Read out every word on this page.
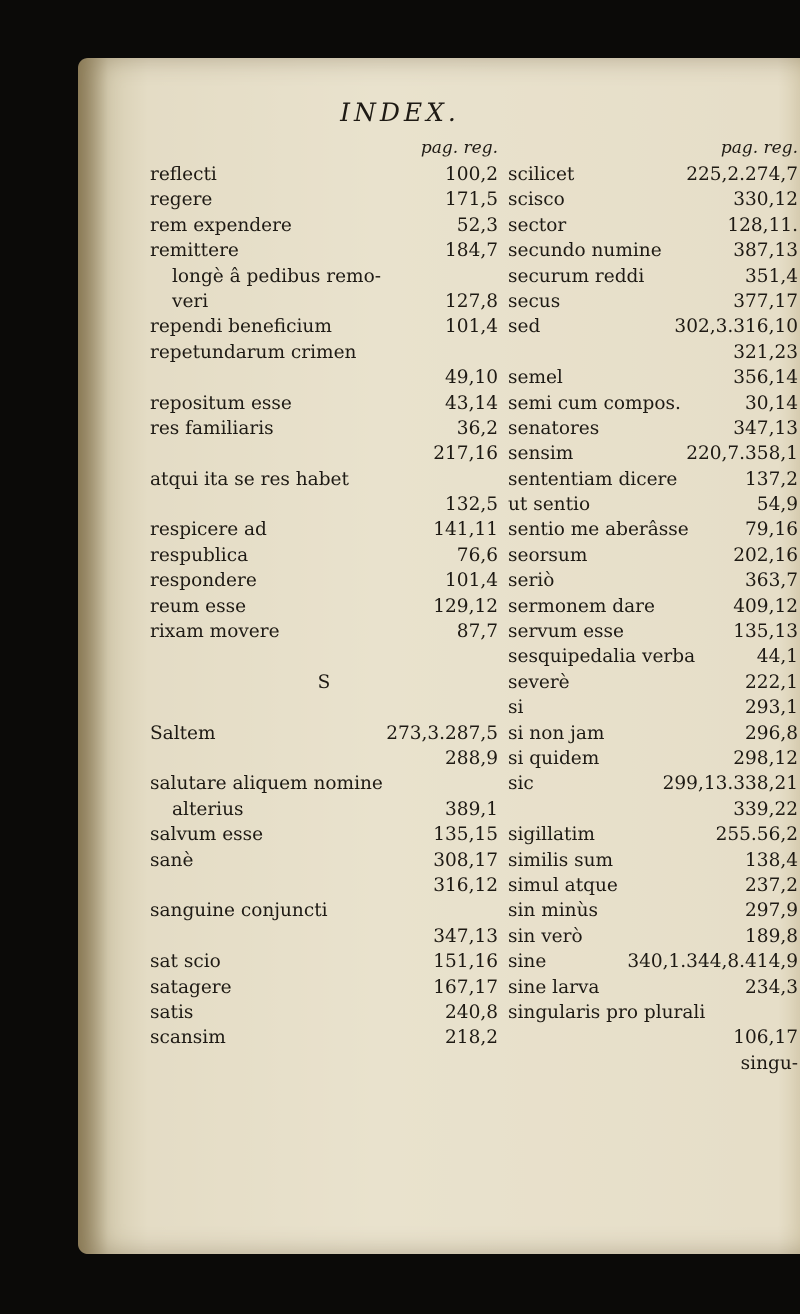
INDEX.
pag. reg.
reflecti	100,2
regere	171,5
rem expendere	52,3
remittere	184,7
longè â pedibus remo-
veri	127,8
rependi beneficium	101,4
repetundarum crimen
49,10
repositum esse	43,14
res familiaris	36,2
217,16
atqui ita se res habet
132,5
respicere ad	141,11
respublica	76,6
respondere	101,4
reum esse	129,12
rixam movere	87,7
S
Saltem	273,3.287,5
288,9
salutare aliquem nomine
alterius	389,1
salvum esse	135,15
sanè	308,17
316,12
sanguine conjuncti
347,13
sat scio	151,16
satagere	167,17
satis	240,8
scansim	218,2
pag. reg.
scilicet	225,2.274,7
scisco	330,12
sector	128,11.
secundo numine	387,13
securum reddi	351,4
secus	377,17
sed	302,3.316,10
321,23
semel	356,14
semi cum compos.	30,14
senatores	347,13
sensim	220,7.358,1
sententiam dicere	137,2
ut sentio	54,9
sentio me aberâsse	79,16
seorsum	202,16
seriò	363,7
sermonem dare	409,12
servum esse	135,13
sesquipedalia verba	44,1
severè	222,1
si	293,1
si non jam	296,8
si quidem	298,12
sic	299,13.338,21
339,22
sigillatim	255.56,2
similis sum	138,4
simul atque	237,2
sin minùs	297,9
sin verò	189,8
sine	340,1.344,8.414,9
sine larva	234,3
singularis pro plurali
106,17
singu-
